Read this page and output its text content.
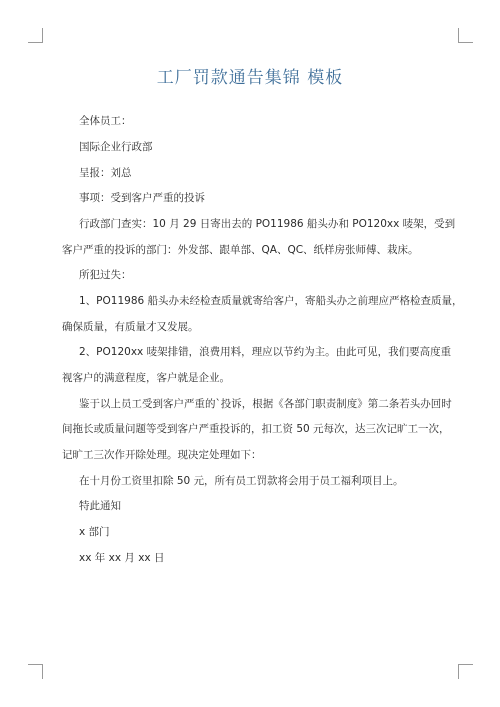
工厂罚款通告集锦 模板
全体员工：
国际企业行政部
呈报：刘总
事项：受到客户严重的投诉
行政部门查实：10 月 29 日寄出去的 PO11986 船头办和 PO120xx 唛架，受到
客户严重的投诉的部门：外发部、跟单部、QA、QC、纸样房张师傅、栽床。
所犯过失：
1、PO11986 船头办未经检查质量就寄给客户，寄船头办之前理应严格检查质量，
确保质量，有质量才又发展。
2、PO120xx 唛架排错，浪费用料，理应以节约为主。由此可见，我们要高度重
视客户的满意程度，客户就是企业。
鉴于以上员工受到客户严重的`投诉，根据《各部门职责制度》第二条若头办回时
间拖长或质量问题等受到客户严重投诉的，扣工资 50 元每次，达三次记旷工一次，
记旷工三次作开除处理。现决定处理如下：
在十月份工资里扣除 50 元，所有员工罚款将会用于员工福利项目上。
特此通知
x 部门
xx 年 xx 月 xx 日
